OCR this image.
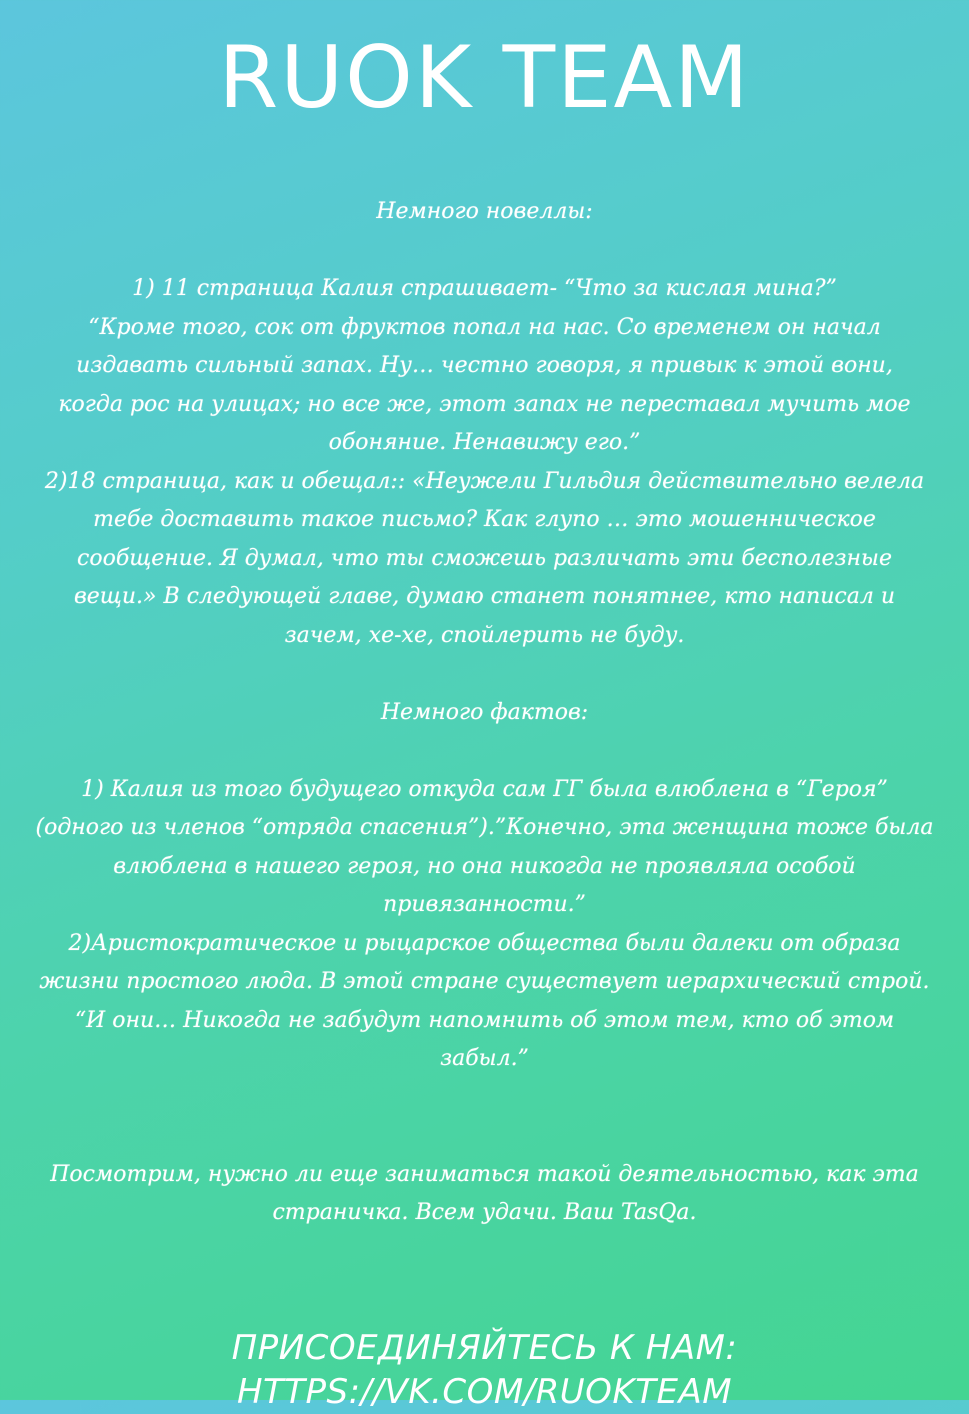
RUOK TEAM

Немного новеллы:

1) 11 страница Калия спрашивает- “Что за кислая мина?”

“Кроме того, сок от фруктов попал на нас. Со временем он начал

издавать сильный запах. Ну… честно говоря, я привык к этой вони,

когда рос на улицах; но все же, этот запах не переставал мучить мое

обоняние. Ненавижу его.”

2)18 страница, как и обещал:: «Неужели Гильдия действительно велела

тебе доставить такое письмо? Как глупо … это мошенническое

сообщение. Я думал, что ты сможешь различать эти бесполезные

вещи.» В следующей главе, думаю станет понятнее, кто написал и

зачем, хе-хе, спойлерить не буду.

Немного фактов:

1) Калия из того будущего откуда сам ГГ была влюблена в “Героя”

(одного из членов “отряда спасения”).”Конечно, эта женщина тоже была

влюблена в нашего героя, но она никогда не проявляла особой

привязанности.”

2)Аристократическое и рыцарское общества были далеки от образа

жизни простого люда. В этой стране существует иерархический строй.

“И они… Никогда не забудут напомнить об этом тем, кто об этом

забыл.”

Посмотрим, нужно ли еще заниматься такой деятельностью, как эта

страничка. Всем удачи. Ваш TasQa.

ПРИСОЕДИНЯЙТЕСЬ К НАМ: HTTPS://VK.COM/RUOKTEAM
